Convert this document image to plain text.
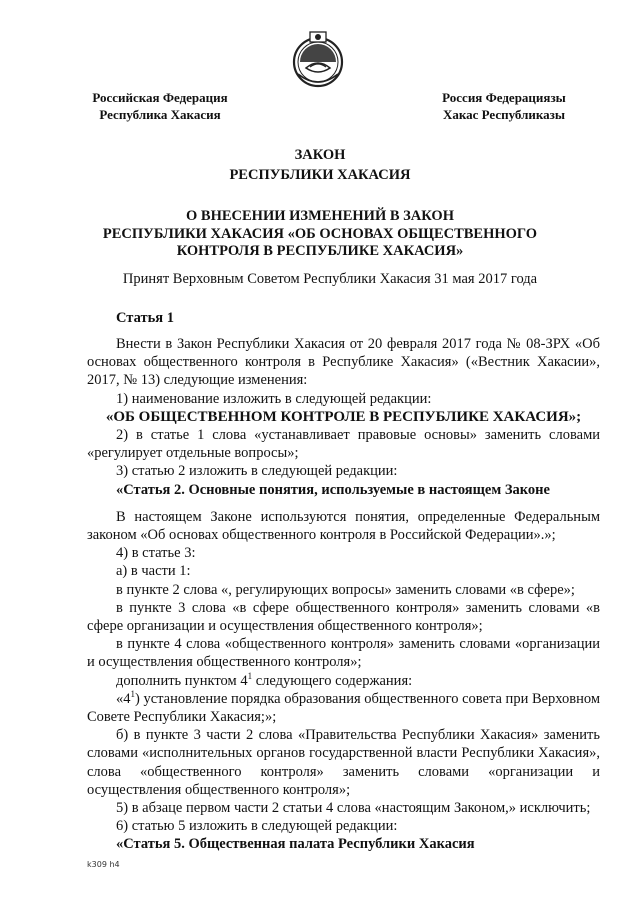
Российская Федерация
Республика Хакасия
Россия Федерациязы
Хакас Республиказы
ЗАКОН
РЕСПУБЛИКИ ХАКАСИЯ
О ВНЕСЕНИИ ИЗМЕНЕНИЙ В ЗАКОН
РЕСПУБЛИКИ ХАКАСИЯ «ОБ ОСНОВАХ ОБЩЕСТВЕННОГО
КОНТРОЛЯ В РЕСПУБЛИКЕ ХАКАСИЯ»
Принят Верховным Советом Республики Хакасия 31 мая 2017 года
Статья 1

Внести в Закон Республики Хакасия от 20 февраля 2017 года № 08-ЗРХ «Об основах общественного контроля в Республике Хакасия» («Вестник Хакасии», 2017, № 13) следующие изменения:

1) наименование изложить в следующей редакции:

«ОБ ОБЩЕСТВЕННОМ КОНТРОЛЕ В РЕСПУБЛИКЕ ХАКАСИЯ»;

2) в статье 1 слова «устанавливает правовые основы» заменить словами «регулирует отдельные вопросы»;

3) статью 2 изложить в следующей редакции:

«Статья 2. Основные понятия, используемые в настоящем Законе

В настоящем Законе используются понятия, определенные Федеральным законом «Об основах общественного контроля в Российской Федерации».»;

4) в статье 3:

а) в части 1:

в пункте 2 слова «, регулирующих вопросы» заменить словами «в сфере»;

в пункте 3 слова «в сфере общественного контроля» заменить словами «в сфере организации и осуществления общественного контроля»;

в пункте 4 слова «общественного контроля» заменить словами «организации и осуществления общественного контроля»;

дополнить пунктом $4^1$ следующего содержания:

«$4^1$) установление порядка образования общественного совета при Верховном Совете Республики Хакасия;»;

б) в пункте 3 части 2 слова «Правительства Республики Хакасия» заменить словами «исполнительных органов государственной власти Республики Хакасия», слова «общественного контроля» заменить словами «организации и осуществления общественного контроля»;

5) в абзаце первом части 2 статьи 4 слова «настоящим Законом,» исключить;

6) статью 5 изложить в следующей редакции:

«Статья 5. Общественная палата Республики Хакасия

k309 h4
